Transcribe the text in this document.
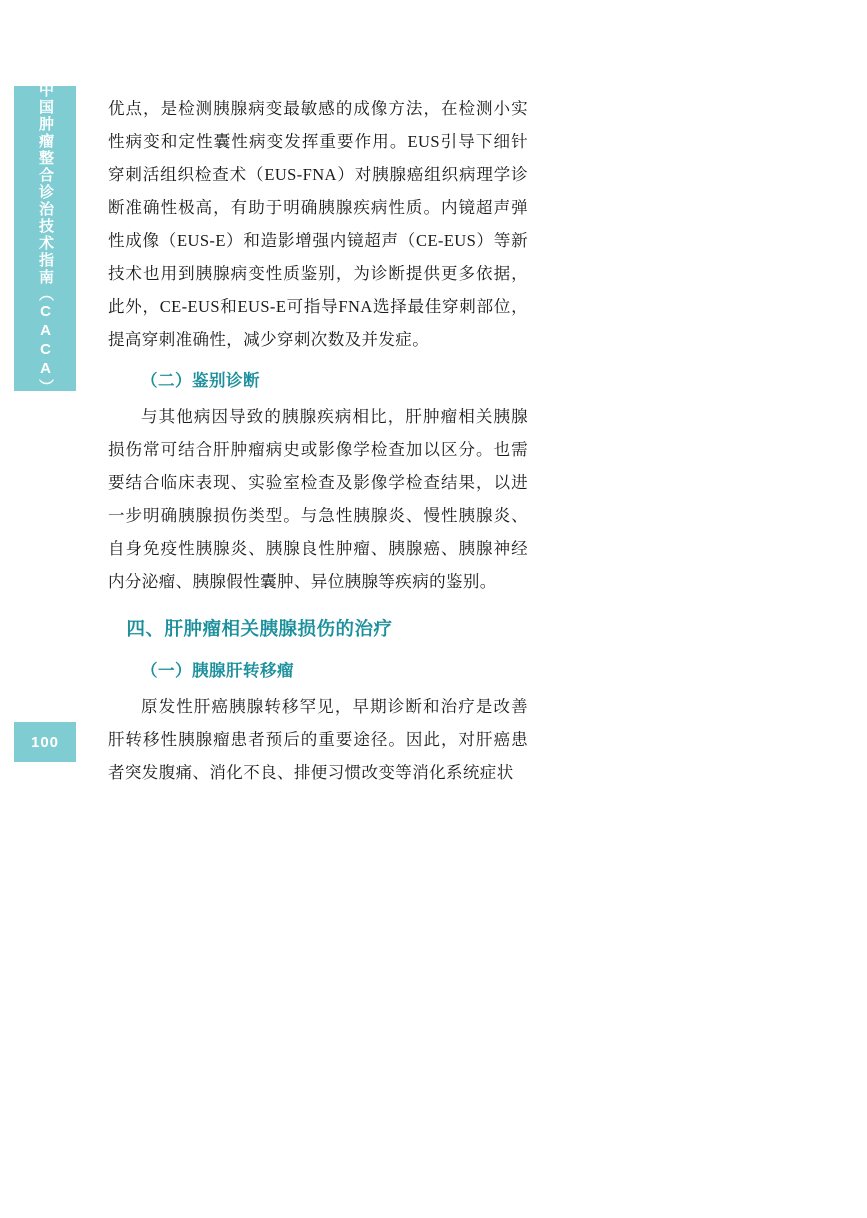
中国肿瘤整合诊治技术指南（CACA）
100

优点，是检测胰腺病变最敏感的成像方法，在检测小实性病变和定性囊性病变发挥重要作用。EUS引导下细针穿刺活组织检查术（EUS-FNA）对胰腺癌组织病理学诊断准确性极高，有助于明确胰腺疾病性质。内镜超声弹性成像（EUS-E）和造影增强内镜超声（CE-EUS）等新技术也用到胰腺病变性质鉴别，为诊断提供更多依据，此外，CE-EUS和EUS-E可指导FNA选择最佳穿刺部位，提高穿刺准确性，减少穿刺次数及并发症。

（二）鉴别诊断

与其他病因导致的胰腺疾病相比，肝肿瘤相关胰腺损伤常可结合肝肿瘤病史或影像学检查加以区分。也需要结合临床表现、实验室检查及影像学检查结果，以进一步明确胰腺损伤类型。与急性胰腺炎、慢性胰腺炎、自身免疫性胰腺炎、胰腺良性肿瘤、胰腺癌、胰腺神经内分泌瘤、胰腺假性囊肿、异位胰腺等疾病的鉴别。

四、肝肿瘤相关胰腺损伤的治疗
（一）胰腺肝转移瘤

原发性肝癌胰腺转移罕见，早期诊断和治疗是改善肝转移性胰腺瘤患者预后的重要途径。因此，对肝癌患者突发腹痛、消化不良、排便习惯改变等消化系统症状
